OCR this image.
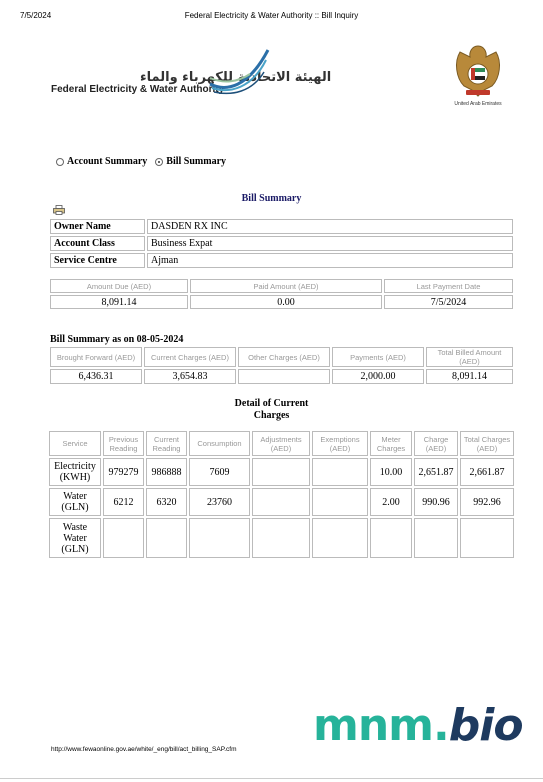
7/5/2024	Federal Electricity & Water Authority :: Bill Inquiry
الهيئة الاتحادية للكهرباء والماء
Federal Electricity & Water Authority
United Arab Emirates
Account Summary Bill Summary
Bill Summary
Owner Name	DASDEN RX INC
Account Class	Business Expat
Service Centre	Ajman
Amount Due (AED)	Paid Amount (AED)	Last Payment Date
8,091.14	0.00	7/5/2024
Bill Summary as on 08-05-2024
Brought Forward (AED)	Current Charges (AED)	Other Charges (AED)	Payments (AED)	Total Billed Amount (AED)
6,436.31	3,654.83		2,000.00	8,091.14
Detail of Current
Charges
Service	Previous Reading	Current Reading	Consumption	Adjustments (AED)	Exemptions (AED)	Meter Charges	Charge (AED)	Total Charges (AED)
Electricity (KWH)	979279	986888	7609			10.00	2,651.87	2,661.87
Water (GLN)	6212	6320	23760			2.00	990.96	992.96
Waste Water (GLN)								
mnm.bio
http://www.fewaonline.gov.ae/white/_eng/bill/act_billing_SAP.cfm
